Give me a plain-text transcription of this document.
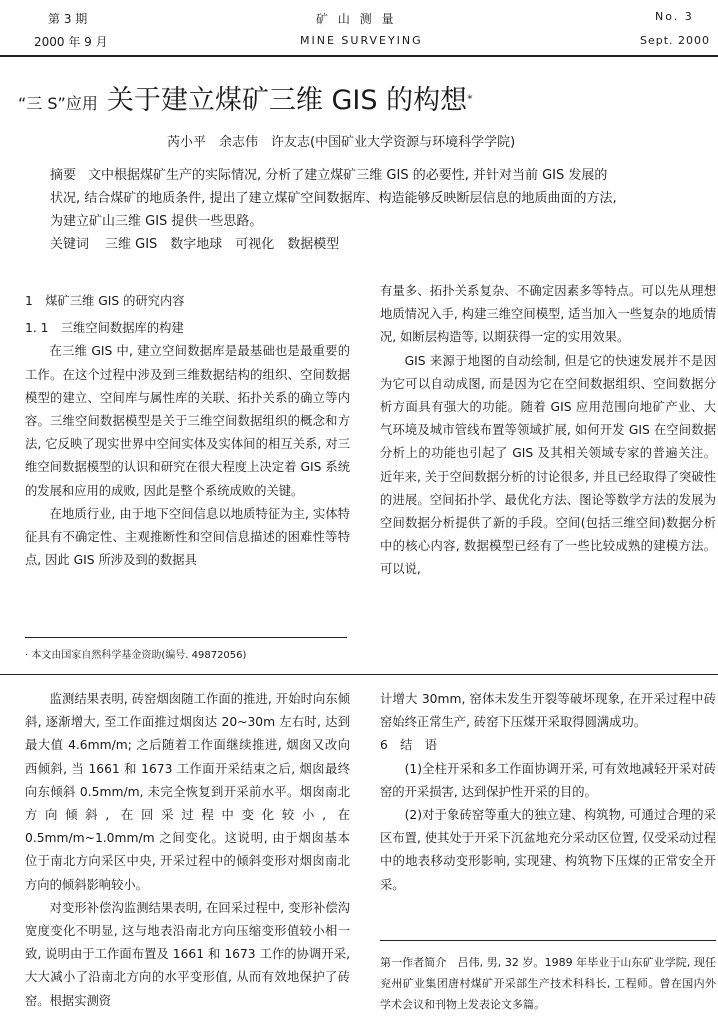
第 3 期
2000 年 9 月
矿 山 测 量
MINE SURVEYING
No. 3
Sept. 2000
“三 S”应用 关于建立煤矿三维 GIS 的构想*
芮小平　余志伟　许友志(中国矿业大学资源与环境科学学院)
摘要 文中根据煤矿生产的实际情况, 分析了建立煤矿三维 GIS 的必要性, 并针对当前 GIS 发展的
状况, 结合煤矿的地质条件, 提出了建立煤矿空间数据库、构造能够反映断层信息的地质曲面的方法,
为建立矿山三维 GIS 提供一些思路。
关键词 三维 GIS　数字地球　可视化　数据模型
1　煤矿三维 GIS 的研究内容
1. 1　三维空间数据库的构建

在三维 GIS 中, 建立空间数据库是最基础也是最重要的工作。在这个过程中涉及到三维数据结构的组织、空间数据模型的建立、空间库与属性库的关联、拓扑关系的确立等内容。三维空间数据模型是关于三维空间数据组织的概念和方法, 它反映了现实世界中空间实体及实体间的相互关系, 对三维空间数据模型的认识和研究在很大程度上决定着 GIS 系统的发展和应用的成败, 因此是整个系统成败的关键。

在地质行业, 由于地下空间信息以地质特征为主, 实体特征具有不确定性、主观推断性和空间信息描述的困难性等特点, 因此 GIS 所涉及到的数据具

有量多、拓扑关系复杂、不确定因素多等特点。可以先从理想地质情况入手, 构建三维空间模型, 适当加入一些复杂的地质情况, 如断层构造等, 以期获得一定的实用效果。

GIS 来源于地图的自动绘制, 但是它的快速发展并不是因为它可以自动成图, 而是因为它在空间数据组织、空间数据分析方面具有强大的功能。随着 GIS 应用范围向地矿产业、大气环境及城市管线布置等领域扩展, 如何开发 GIS 在空间数据分析上的功能也引起了 GIS 及其相关领域专家的普遍关注。近年来, 关于空间数据分析的讨论很多, 并且已经取得了突破性的进展。空间拓扑学、最优化方法、图论等数学方法的发展为空间数据分析提供了新的手段。空间(包括三维空间)数据分析中的核心内容, 数据模型已经有了一些比较成熟的建模方法。可以说,

· 本文由国家自然科学基金资助(编号. 49872056)

监测结果表明, 砖窑烟囱随工作面的推进, 开始时向东倾斜, 逐渐增大, 至工作面推过烟囱达 20~30m 左右时, 达到最大值 4.6mm/m; 之后随着工作面继续推进, 烟囱又改向西倾斜, 当 1661 和 1673 工作面开采结束之后, 烟囱最终向东倾斜 0.5mm/m, 未完全恢复到开采前水平。烟囱南北方向倾斜, 在回采过程中变化较小, 在 0.5mm/m~1.0mm/m 之间变化。这说明, 由于烟囱基本位于南北方向采区中央, 开采过程中的倾斜变形对烟囱南北方向的倾斜影响较小。

对变形补偿沟监测结果表明, 在回采过程中, 变形补偿沟宽度变化不明显, 这与地表沿南北方向压缩变形值较小相一致, 说明由于工作面布置及 1661 和 1673 工作的协调开采, 大大减小了沿南北方向的水平变形值, 从而有效地保护了砖窑。根据实测资

计增大 30mm, 窑体未发生开裂等破坏现象, 在开采过程中砖窑始终正常生产, 砖窑下压煤开采取得圆满成功。

6　结　语

(1)全柱开采和多工作面协调开采, 可有效地减轻开采对砖窑的开采损害, 达到保护性开采的目的。

(2)对于象砖窑等重大的独立建、构筑物, 可通过合理的采区布置, 使其处于开采下沉盆地充分采动区位置, 仅受采动过程中的地表移动变形影响, 实现建、构筑物下压煤的正常安全开采。

第一作者简介　吕伟, 男, 32 岁。1989 年毕业于山东矿业学院, 现任兖州矿业集团唐村煤矿开采部生产技术科科长, 工程师。曾在国内外学术会议和刊物上发表论文多篇。
